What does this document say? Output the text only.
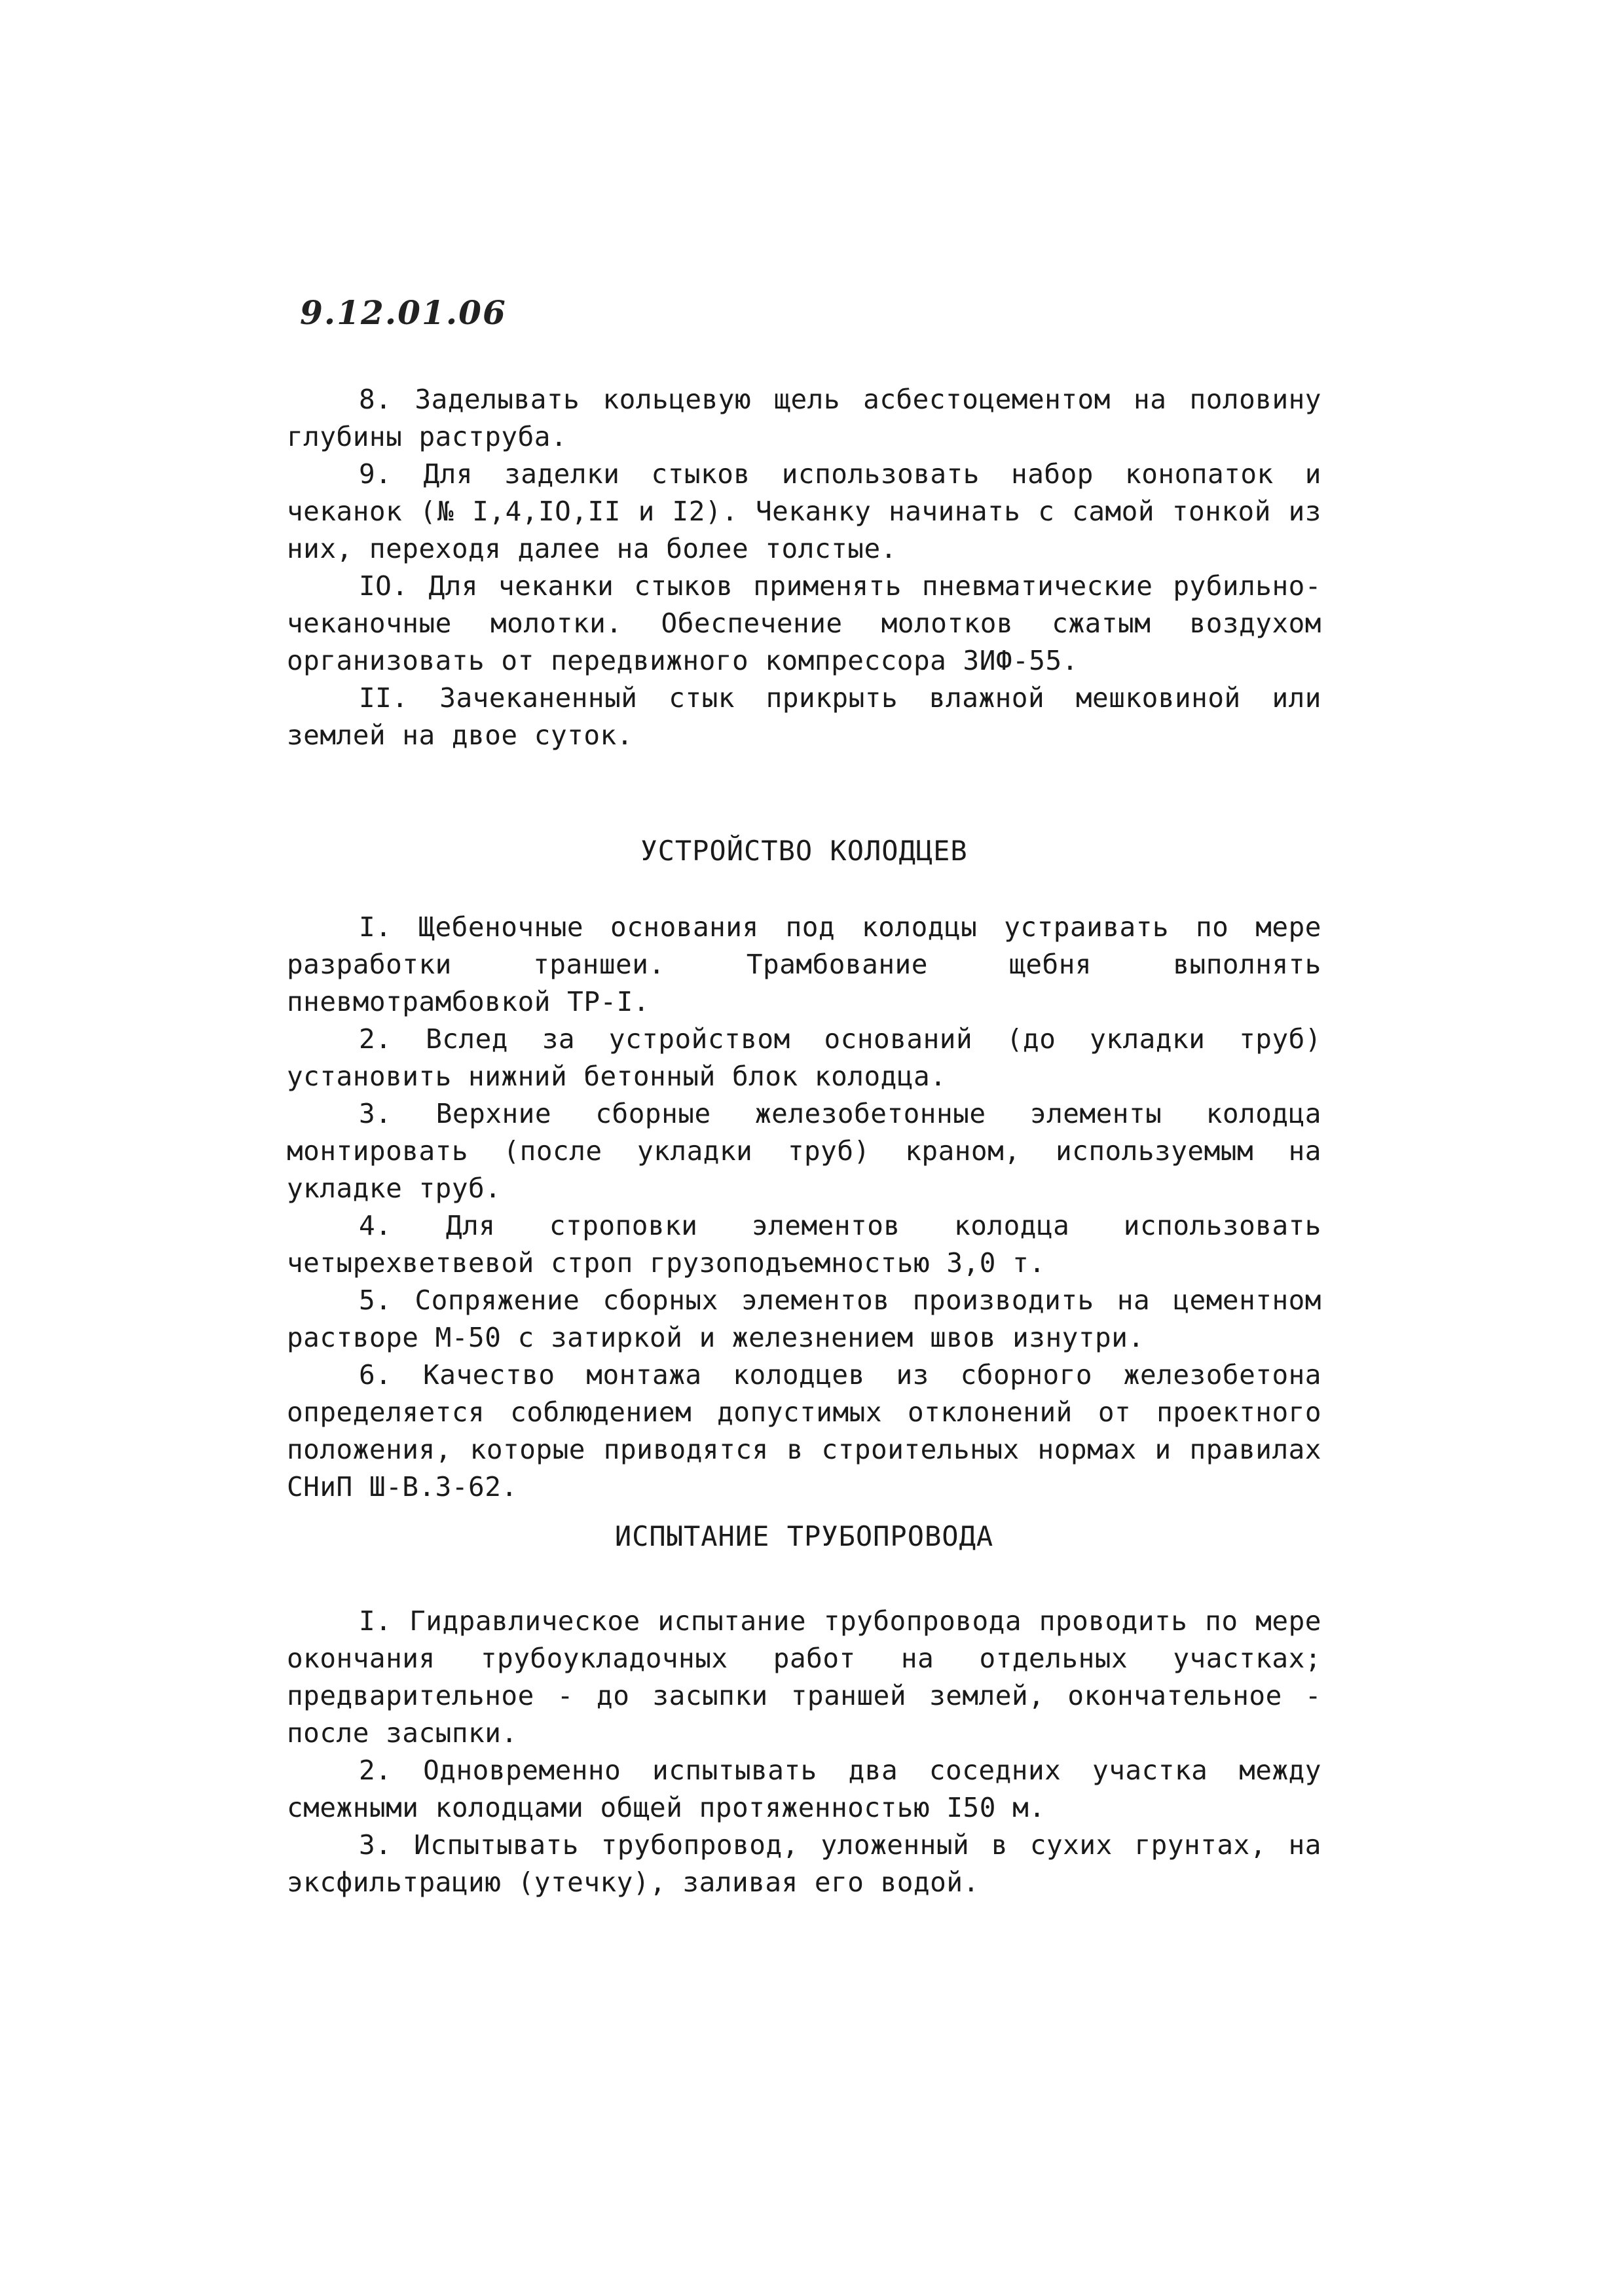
9.12.01.06

8. Заделывать кольцевую щель асбестоцементом на половину глубины раструба.

9. Для заделки стыков использовать набор конопаток и чеканок (№ I,4,IO,II и I2). Чеканку начинать с самой тонкой из них, переходя далее на более толстые.

IO. Для чеканки стыков применять пневматические рубильно-чеканочные молотки. Обеспечение молотков сжатым воздухом организовать от передвижного компрессора ЗИФ-55.

II. Зачеканенный стык прикрыть влажной мешковиной или землей на двое суток.

УСТРОЙСТВО КОЛОДЦЕВ

I. Щебеночные основания под колодцы устраивать по мере разработки траншеи. Трамбование щебня выполнять пневмотрамбовкой ТР-I.

2. Вслед за устройством оснований (до укладки труб) установить нижний бетонный блок колодца.

3. Верхние сборные железобетонные элементы колодца монтировать (после укладки труб) краном, используемым на укладке труб.

4. Для строповки элементов колодца использовать четырехветвевой строп грузоподъемностью 3,0 т.

5. Сопряжение сборных элементов производить на цементном растворе М-50 с затиркой и железнением швов изнутри.

6. Качество монтажа колодцев из сборного железобетона определяется соблюдением допустимых отклонений от проектного положения, которые приводятся в строительных нормах и правилах СНиП Ш-В.3-62.

ИСПЫТАНИЕ ТРУБОПРОВОДА

I. Гидравлическое испытание трубопровода проводить по мере окончания трубоукладочных работ на отдельных участках; предварительное - до засыпки траншей землей, окончательное - после засыпки.

2. Одновременно испытывать два соседних участка между смежными колодцами общей протяженностью I50 м.

3. Испытывать трубопровод, уложенный в сухих грунтах, на эксфильтрацию (утечку), заливая его водой.
